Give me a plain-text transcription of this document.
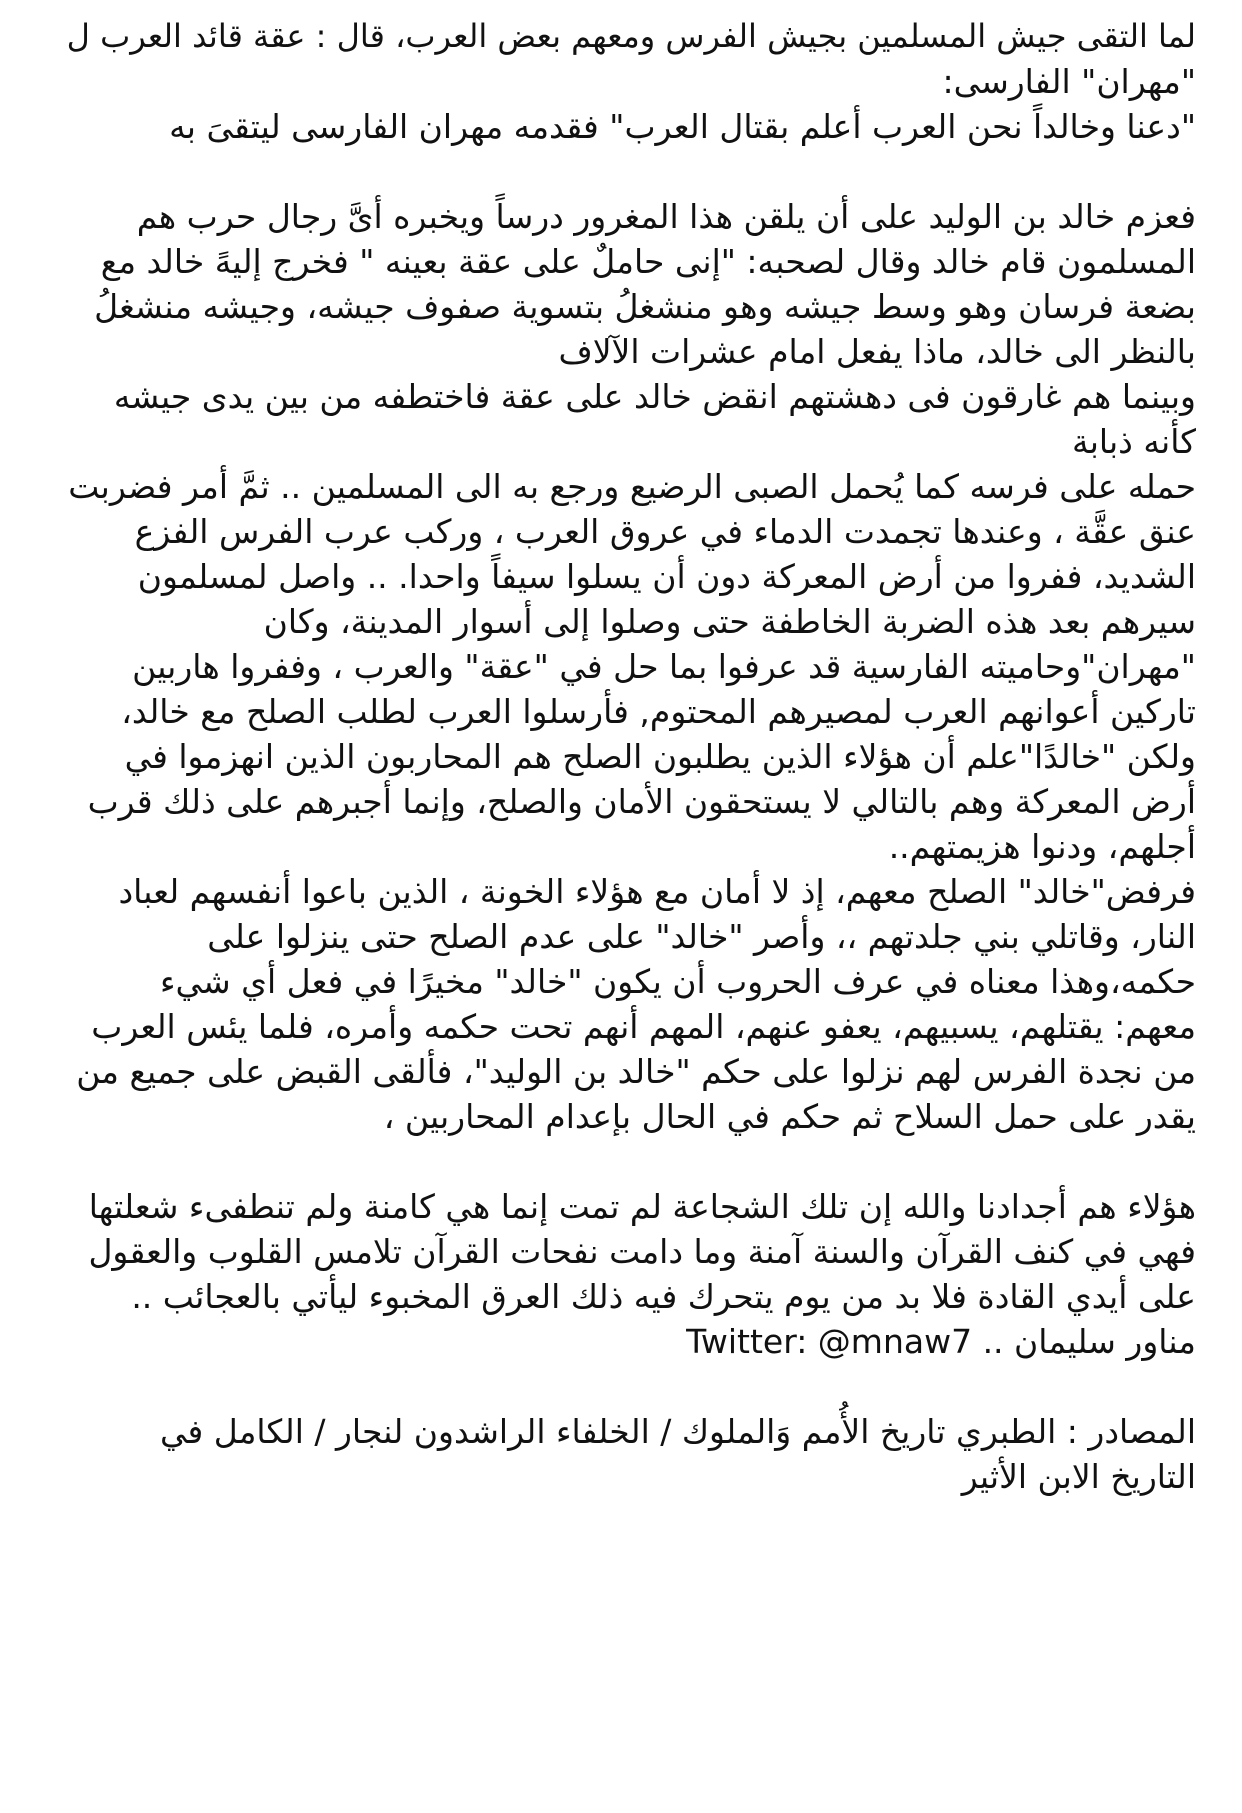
لما التقى جيش المسلمين بجيش الفرس ومعهم بعض العرب، قال : عقة قائد العرب ل
"مهران" الفارسى:
"دعنا وخالداً نحن العرب أعلم بقتال العرب" فقدمه مهران الفارسى ليتقىَ به
فعزم خالد بن الوليد على أن يلقن هذا المغرور درساً ويخبره أىَّ رجال حرب هم
المسلمون قام خالد وقال لصحبه: "إنى حاملٌ على عقة بعينه " فخرج إليهً خالد مع
بضعة فرسان وهو وسط جيشه وهو منشغلُ بتسوية صفوف جيشه، وجيشه منشغلُ
بالنظر الى خالد، ماذا يفعل امام عشرات الآلاف
وبينما هم غارقون فى دهشتهم انقض خالد على عقة فاختطفه من بين يدى جيشه
كأنه ذبابة
حمله على فرسه كما يُحمل الصبى الرضيع ورجع به الى المسلمين .. ثمَّ أمر فضربت
عنق عقَّة ، وعندها تجمدت الدماء في عروق العرب ، وركب عرب الفرس الفزع
الشديد، ففروا من أرض المعركة دون أن يسلوا سيفاً واحدا. .. واصل لمسلمون
سيرهم بعد هذه الضربة الخاطفة حتى وصلوا إلى أسوار المدينة، وكان
"مهران"وحاميته الفارسية قد عرفوا بما حل في "عقة" والعرب ، وففروا هاربين
تاركين أعوانهم العرب لمصيرهم المحتوم, فأرسلوا العرب لطلب الصلح مع خالد،
ولكن "خالدًا"علم أن هؤلاء الذين يطلبون الصلح هم المحاربون الذين انهزموا في
أرض المعركة وهم بالتالي لا يستحقون الأمان والصلح، وإنما أجبرهم على ذلك قرب
أجلهم، ودنوا هزيمتهم..
فرفض"خالد" الصلح معهم، إذ لا أمان مع هؤلاء الخونة ، الذين باعوا أنفسهم لعباد
النار، وقاتلي بني جلدتهم ،، وأصر "خالد" على عدم الصلح حتى ينزلوا على
حكمه،وهذا معناه في عرف الحروب أن يكون "خالد" مخيرًا في فعل أي شيء
معهم: يقتلهم، يسبيهم، يعفو عنهم، المهم أنهم تحت حكمه وأمره، فلما يئس العرب
من نجدة الفرس لهم نزلوا على حكم "خالد بن الوليد"، فألقى القبض على جميع من
يقدر على حمل السلاح ثم حكم في الحال بإعدام المحاربين ،
هؤلاء هم أجدادنا والله إن تلك الشجاعة لم تمت إنما هي كامنة ولم تنطفىء شعلتها
فهي في كنف القرآن والسنة آمنة وما دامت نفحات القرآن تلامس القلوب والعقول
على أيدي القادة فلا بد من يوم يتحرك فيه ذلك العرق المخبوء ليأتي بالعجائب ..
مناور سليمان .. Twitter: @mnaw7
المصادر : الطبري تاريخ الأُمم وَالملوك / الخلفاء الراشدون لنجار / الكامل في
التاريخ الابن الأثير
